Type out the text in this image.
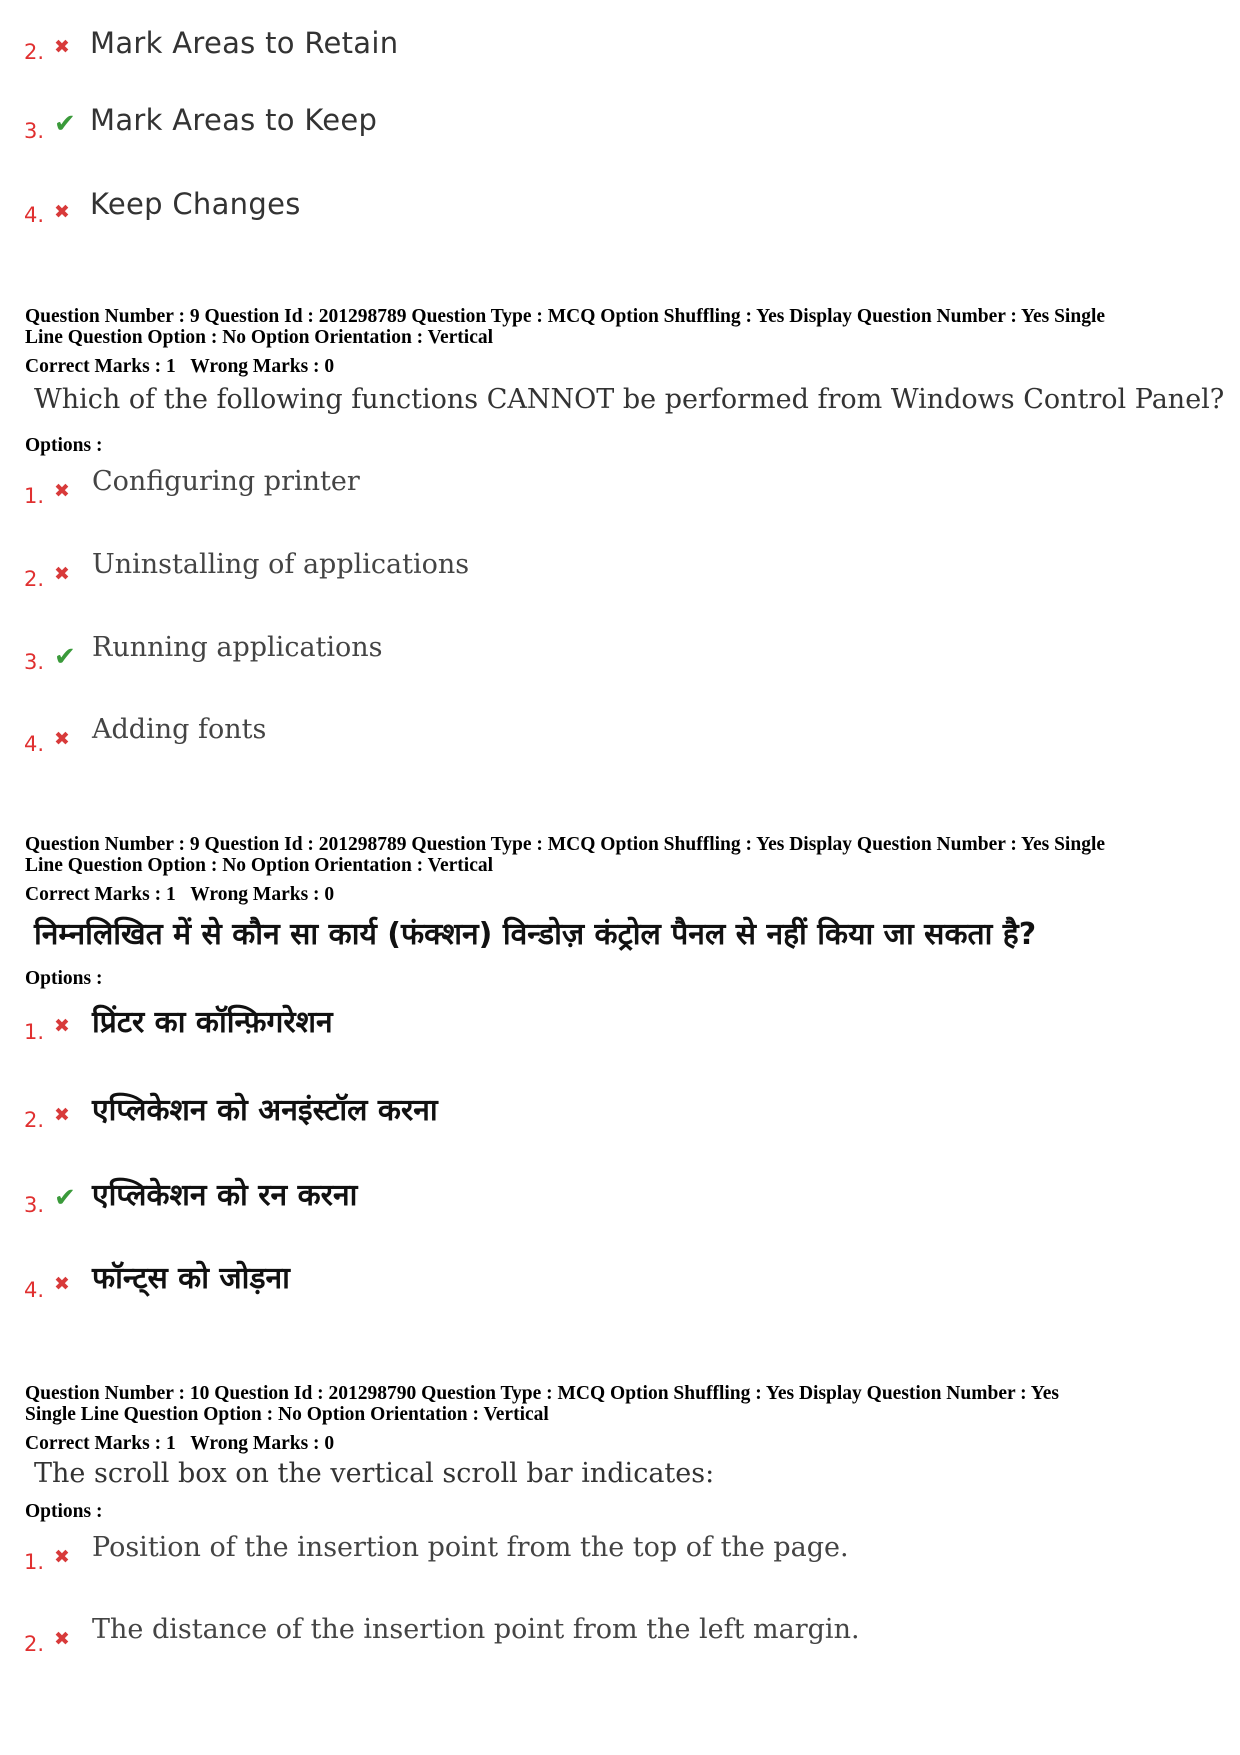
2. ✖ Mark Areas to Retain
3. ✔ Mark Areas to Keep
4. ✖ Keep Changes
Question Number : 9 Question Id : 201298789 Question Type : MCQ Option Shuffling : Yes Display Question Number : Yes Single
Line Question Option : No Option Orientation : Vertical
Correct Marks : 1 Wrong Marks : 0
Which of the following functions CANNOT be performed from Windows Control Panel?
Options :
1. ✖ Configuring printer
2. ✖ Uninstalling of applications
3. ✔ Running applications
4. ✖ Adding fonts
Question Number : 9 Question Id : 201298789 Question Type : MCQ Option Shuffling : Yes Display Question Number : Yes Single
Line Question Option : No Option Orientation : Vertical
Correct Marks : 1 Wrong Marks : 0
निम्नलिखित में से कौन सा कार्य (फंक्शन) विन्डोज़ कंट्रोल पैनल से नहीं किया जा सकता है?
Options :
1. ✖ प्रिंटर का कॉन्फ़िगरेशन
2. ✖ एप्लिकेशन को अनइंस्टॉल करना
3. ✔ एप्लिकेशन को रन करना
4. ✖ फॉन्ट्स को जोड़ना
Question Number : 10 Question Id : 201298790 Question Type : MCQ Option Shuffling : Yes Display Question Number : Yes
Single Line Question Option : No Option Orientation : Vertical
Correct Marks : 1 Wrong Marks : 0
The scroll box on the vertical scroll bar indicates:
Options :
1. ✖ Position of the insertion point from the top of the page.
2. ✖ The distance of the insertion point from the left margin.
